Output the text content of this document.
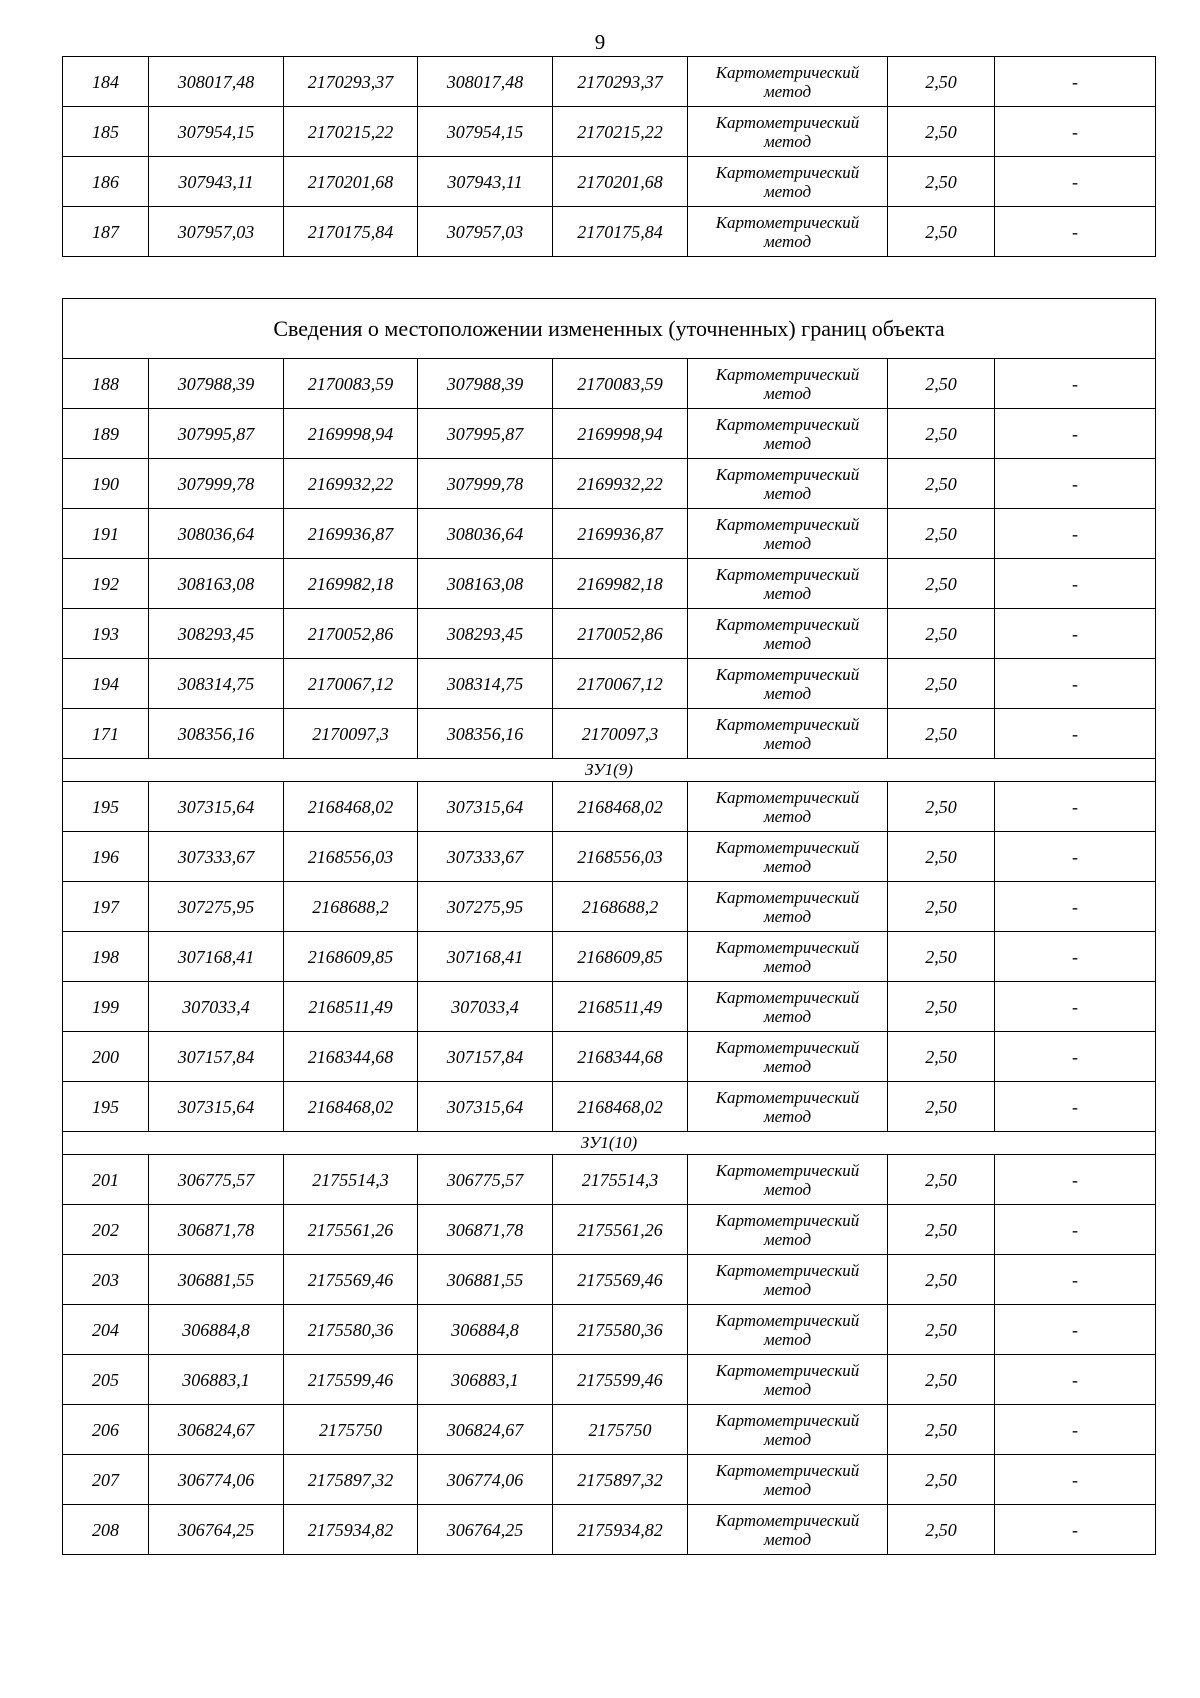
9
184	308017,48	2170293,37	308017,48	2170293,37	Картометрический
метод	2,50	-
185	307954,15	2170215,22	307954,15	2170215,22	Картометрический
метод	2,50	-
186	307943,11	2170201,68	307943,11	2170201,68	Картометрический
метод	2,50	-
187	307957,03	2170175,84	307957,03	2170175,84	Картометрический
метод	2,50	-
Сведения о местоположении измененных (уточненных) границ объекта							
188	307988,39	2170083,59	307988,39	2170083,59	Картометрический
метод	2,50	-
189	307995,87	2169998,94	307995,87	2169998,94	Картометрический
метод	2,50	-
190	307999,78	2169932,22	307999,78	2169932,22	Картометрический
метод	2,50	-
191	308036,64	2169936,87	308036,64	2169936,87	Картометрический
метод	2,50	-
192	308163,08	2169982,18	308163,08	2169982,18	Картометрический
метод	2,50	-
193	308293,45	2170052,86	308293,45	2170052,86	Картометрический
метод	2,50	-
194	308314,75	2170067,12	308314,75	2170067,12	Картометрический
метод	2,50	-
171	308356,16	2170097,3	308356,16	2170097,3	Картометрический
метод	2,50	-
ЗУ1(9)							
195	307315,64	2168468,02	307315,64	2168468,02	Картометрический
метод	2,50	-
196	307333,67	2168556,03	307333,67	2168556,03	Картометрический
метод	2,50	-
197	307275,95	2168688,2	307275,95	2168688,2	Картометрический
метод	2,50	-
198	307168,41	2168609,85	307168,41	2168609,85	Картометрический
метод	2,50	-
199	307033,4	2168511,49	307033,4	2168511,49	Картометрический
метод	2,50	-
200	307157,84	2168344,68	307157,84	2168344,68	Картометрический
метод	2,50	-
195	307315,64	2168468,02	307315,64	2168468,02	Картометрический
метод	2,50	-
ЗУ1(10)							
201	306775,57	2175514,3	306775,57	2175514,3	Картометрический
метод	2,50	-
202	306871,78	2175561,26	306871,78	2175561,26	Картометрический
метод	2,50	-
203	306881,55	2175569,46	306881,55	2175569,46	Картометрический
метод	2,50	-
204	306884,8	2175580,36	306884,8	2175580,36	Картометрический
метод	2,50	-
205	306883,1	2175599,46	306883,1	2175599,46	Картометрический
метод	2,50	-
206	306824,67	2175750	306824,67	2175750	Картометрический
метод	2,50	-
207	306774,06	2175897,32	306774,06	2175897,32	Картометрический
метод	2,50	-
208	306764,25	2175934,82	306764,25	2175934,82	Картометрический
метод	2,50	-
